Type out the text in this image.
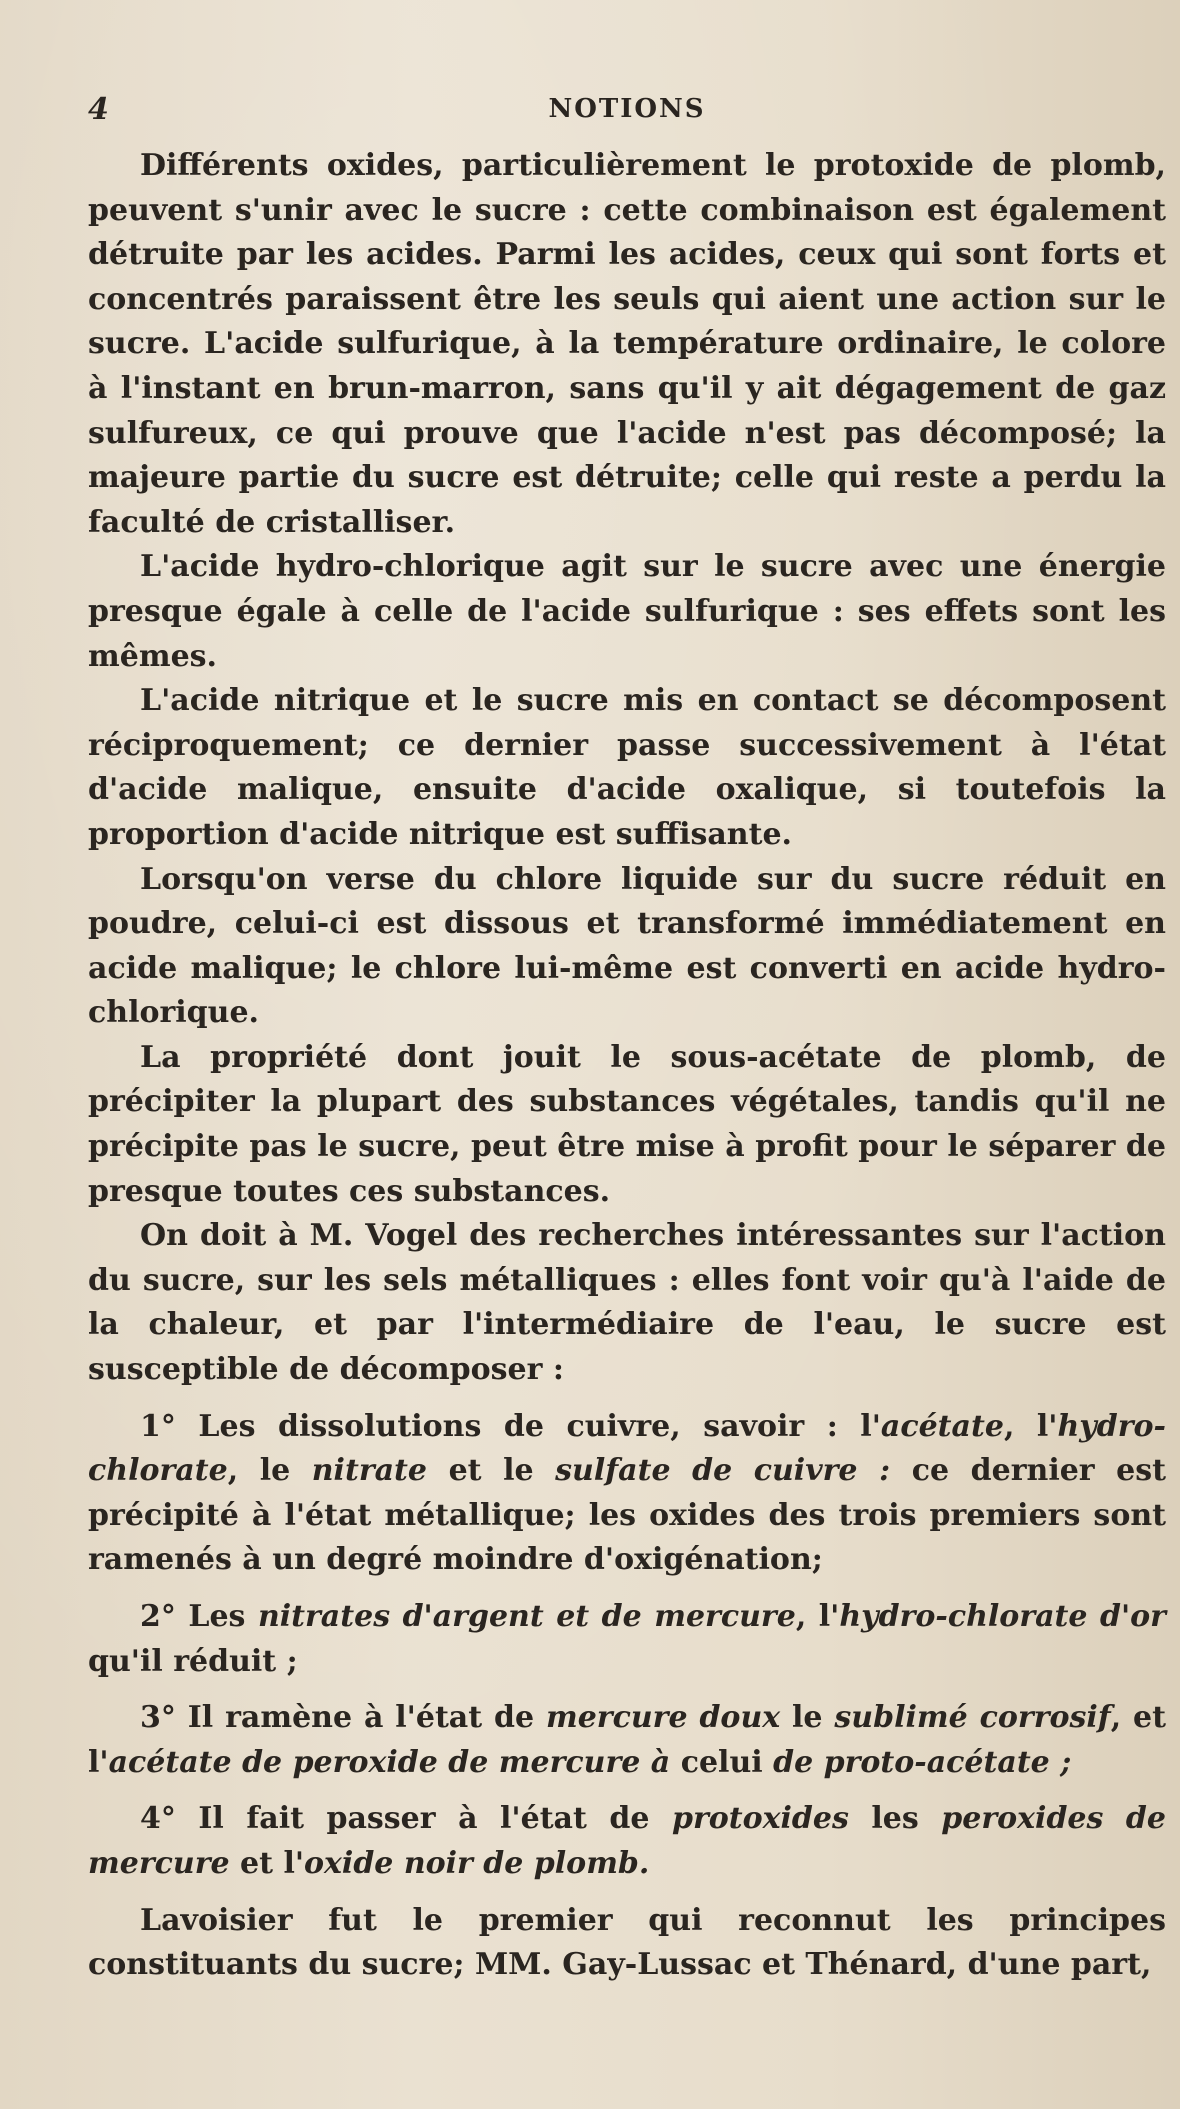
4	NOTIONS

Différents oxides, particulièrement le protoxide de plomb, peuvent s'unir avec le sucre : cette combinaison est également détruite par les acides. Parmi les acides, ceux qui sont forts et concentrés paraissent être les seuls qui aient une action sur le sucre. L'acide sulfurique, à la température ordinaire, le colore à l'instant en brun-marron, sans qu'il y ait dégagement de gaz sulfureux, ce qui prouve que l'acide n'est pas décomposé; la majeure partie du sucre est détruite; celle qui reste a perdu la faculté de cristalliser.

L'acide hydro-chlorique agit sur le sucre avec une énergie presque égale à celle de l'acide sulfurique : ses effets sont les mêmes.

L'acide nitrique et le sucre mis en contact se décomposent réciproquement; ce dernier passe successivement à l'état d'acide malique, ensuite d'acide oxalique, si toutefois la proportion d'acide nitrique est suffisante.

Lorsqu'on verse du chlore liquide sur du sucre réduit en poudre, celui-ci est dissous et transformé immédiatement en acide malique; le chlore lui-même est converti en acide hydro-chlorique.

La propriété dont jouit le sous-acétate de plomb, de précipiter la plupart des substances végétales, tandis qu'il ne précipite pas le sucre, peut être mise à profit pour le séparer de presque toutes ces substances.

On doit à M. Vogel des recherches intéressantes sur l'action du sucre, sur les sels métalliques : elles font voir qu'à l'aide de la chaleur, et par l'intermédiaire de l'eau, le sucre est susceptible de décomposer :

1° Les dissolutions de cuivre, savoir : l'acétate, l'hydro-chlorate, le nitrate et le sulfate de cuivre : ce dernier est précipité à l'état métallique; les oxides des trois premiers sont ramenés à un degré moindre d'oxigénation;

2° Les nitrates d'argent et de mercure, l'hydro-chlorate d'or qu'il réduit ;

3° Il ramène à l'état de mercure doux le sublimé corrosif, et l'acétate de peroxide de mercure à celui de proto-acétate ;

4° Il fait passer à l'état de protoxides les peroxides de mercure et l'oxide noir de plomb.

Lavoisier fut le premier qui reconnut les principes constituants du sucre; MM. Gay-Lussac et Thénard, d'une part,
